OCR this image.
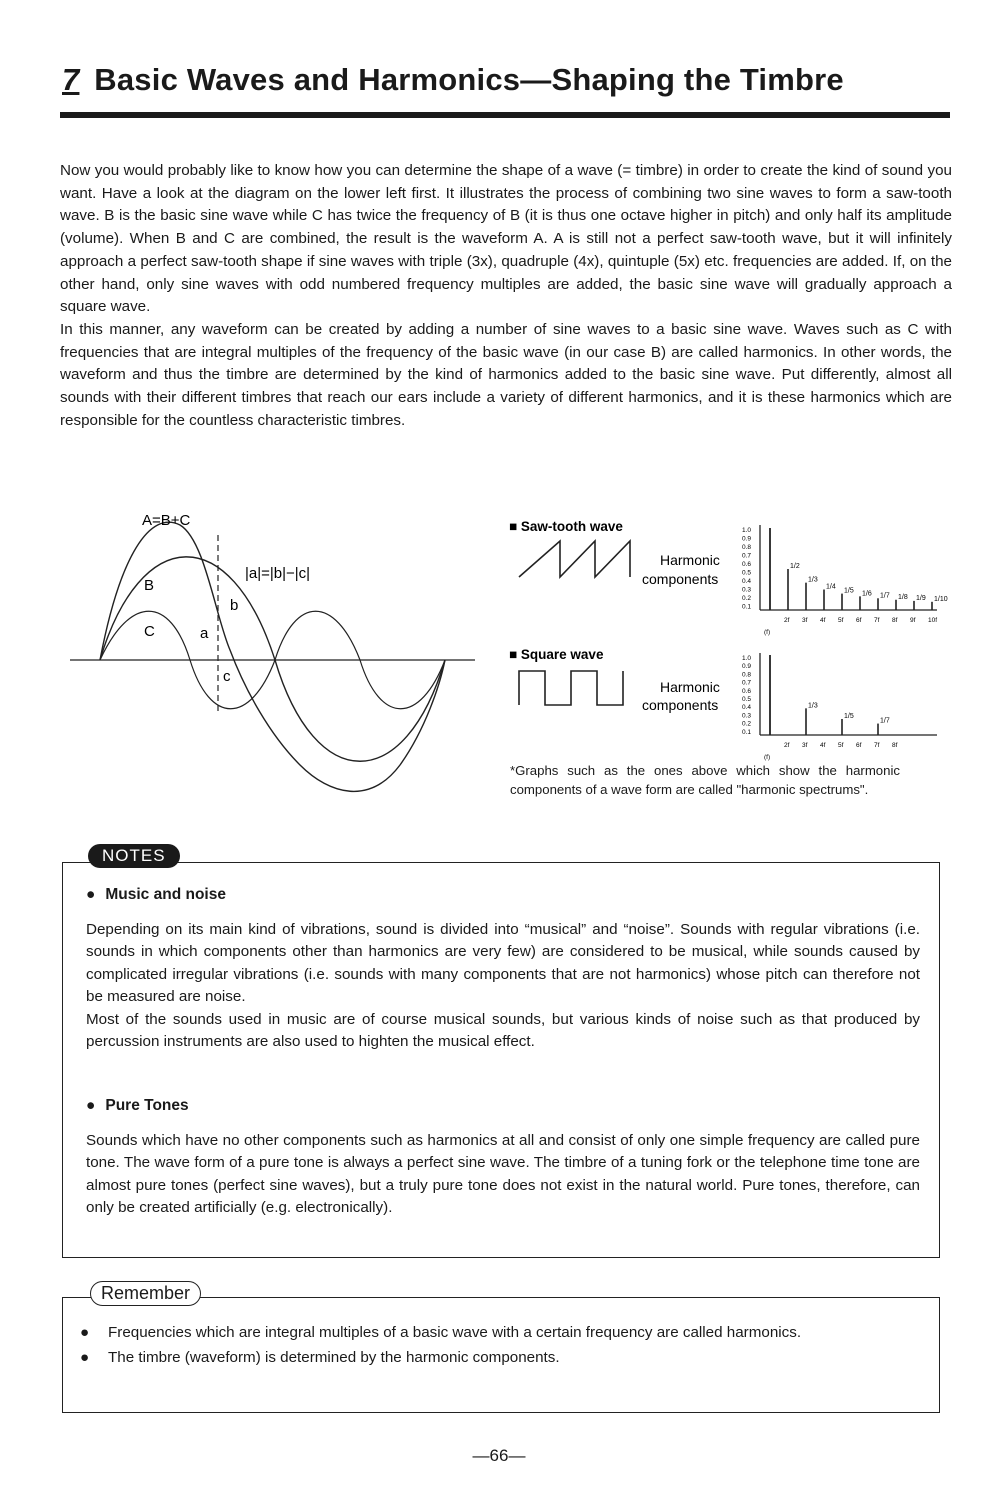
7 Basic Waves and Harmonics—Shaping the Timbre

Now you would probably like to know how you can determine the shape of a wave (= timbre) in order to create the kind of sound you want. Have a look at the diagram on the lower left first. It illustrates the process of combining two sine waves to form a saw-tooth wave. B is the basic sine wave while C has twice the frequency of B (it is thus one octave higher in pitch) and only half its amplitude (volume). When B and C are combined, the result is the waveform A. A is still not a perfect saw-tooth wave, but it will infinitely approach a perfect saw-tooth shape if sine waves with triple (3x), quadruple (4x), quintuple (5x) etc. frequencies are added. If, on the other hand, only sine waves with odd numbered frequency multiples are added, the basic sine wave will gradually approach a square wave.

In this manner, any waveform can be created by adding a number of sine waves to a basic sine wave. Waves such as C with frequencies that are integral multiples of the frequency of the basic wave (in our case B) are called harmonics. In other words, the waveform and thus the timbre are determined by the kind of harmonics added to the basic sine wave. Put differently, almost all sounds with their different timbres that reach our ears include a variety of different harmonics, and it is these harmonics which are responsible for the countless characteristic timbres.

A=B+C
B
C	a
b
c
|a|=|b|−|c|
■ Saw-tooth wave
Harmonic
components
1.0
0.9
0.8
0.7
0.6
0.5
0.4
0.3
0.2
0.1
2f 3f 4f 5f 6f 7f 8f 9f 10f
(f)
1/2
1/3
1/4
1/5 1/6 1/7 1/8 1/9 1/10
■ Square wave
Harmonic
components
1.0
0.9
0.8
0.7
0.6
0.5
0.4
0.3
0.2
0.1
2f 3f 4f 5f 6f 7f 8f
(f)
1/3
1/5
1/7
*Graphs such as the ones above which show the harmonic components of a wave form are called "harmonic spectrums".
NOTES
● Music and noise

Depending on its main kind of vibrations, sound is divided into “musical” and “noise”. Sounds with regular vibrations (i.e. sounds in which components other than harmonics are very few) are considered to be musical, while sounds caused by complicated irregular vibrations (i.e. sounds with many components that are not harmonics) whose pitch can therefore not be measured are noise.

Most of the sounds used in music are of course musical sounds, but various kinds of noise such as that produced by percussion instruments are also used to highten the musical effect.

● Pure Tones

Sounds which have no other components such as harmonics at all and consist of only one simple frequency are called pure tone. The wave form of a pure tone is always a perfect sine wave. The timbre of a tuning fork or the telephone time tone are almost pure tones (perfect sine waves), but a truly pure tone does not exist in the natural world. Pure tones, therefore, can only be created artificially (e.g. electronically).

Remember
● Frequencies which are integral multiples of a basic wave with a certain frequency are called harmonics.
● The timbre (waveform) is determined by the harmonic components.
—66—
